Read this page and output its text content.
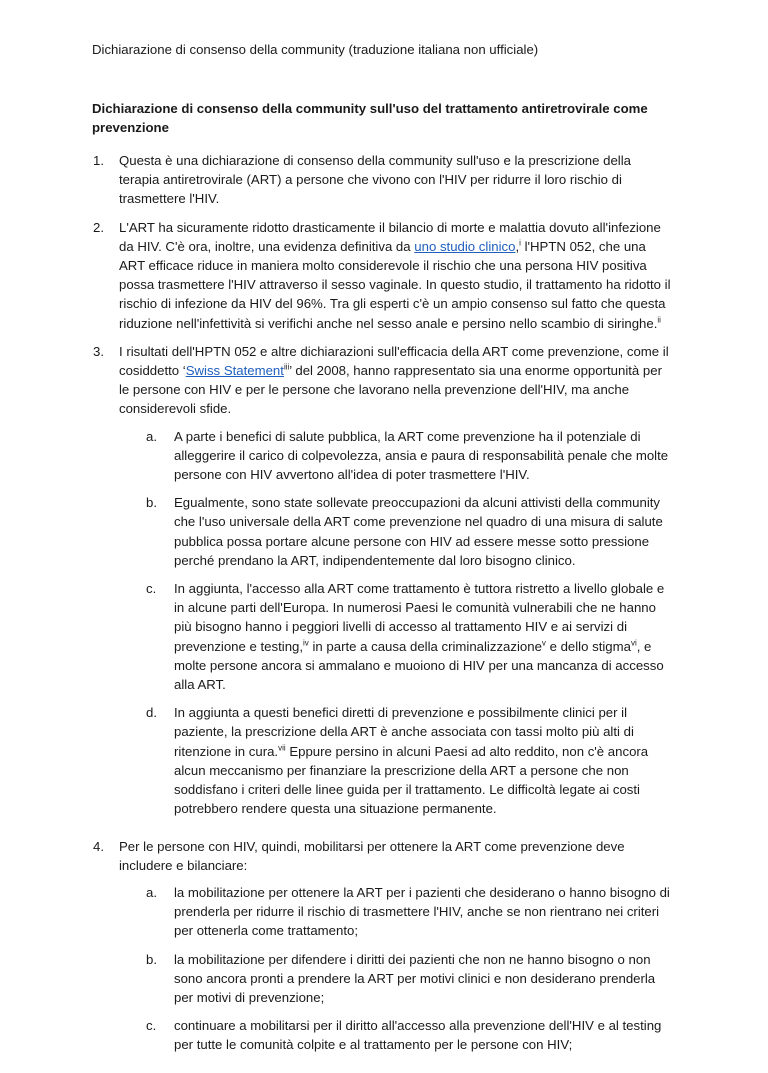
Dichiarazione di consenso della community (traduzione italiana non ufficiale)
Dichiarazione di consenso della community sull'uso del trattamento antiretrovirale come prevenzione
1.	Questa è una dichiarazione di consenso della community sull'uso e la prescrizione della terapia antiretrovirale (ART) a persone che vivono con l'HIV per ridurre il loro rischio di trasmettere l'HIV.
2.	L'ART ha sicuramente ridotto drasticamente il bilancio di morte e malattia dovuto all'infezione da HIV. C'è ora, inoltre, una evidenza definitiva da uno studio clinico,$^i$ l'HPTN 052, che una ART efficace riduce in maniera molto considerevole il rischio che una persona HIV positiva possa trasmettere l'HIV attraverso il sesso vaginale. In questo studio, il trattamento ha ridotto il rischio di infezione da HIV del 96%. Tra gli esperti c'è un ampio consenso sul fatto che questa riduzione nell'infettività si verifichi anche nel sesso anale e persino nello scambio di siringhe.$^{ii}$
3.	I risultati dell'HPTN 052 e altre dichiarazioni sull'efficacia della ART come prevenzione, come il cosiddetto ‘Swiss Statement$^{iii}$’ del 2008, hanno rappresentato sia una enorme opportunità per le persone con HIV e per le persone che lavorano nella prevenzione dell'HIV, ma anche considerevoli sfide.
a.	A parte i benefici di salute pubblica, la ART come prevenzione ha il potenziale di alleggerire il carico di colpevolezza, ansia e paura di responsabilità penale che molte persone con HIV avvertono all'idea di poter trasmettere l'HIV.
b.	Egualmente, sono state sollevate preoccupazioni da alcuni attivisti della community che l'uso universale della ART come prevenzione nel quadro di una misura di salute pubblica possa portare alcune persone con HIV ad essere messe sotto pressione perché prendano la ART, indipendentemente dal loro bisogno clinico.
c.	In aggiunta, l'accesso alla ART come trattamento è tuttora ristretto a livello globale e in alcune parti dell'Europa. In numerosi Paesi le comunità vulnerabili che ne hanno più bisogno hanno i peggiori livelli di accesso al trattamento HIV e ai servizi di prevenzione e testing,$^{iv}$ in parte a causa della criminalizzazione$^v$ e dello stigma$^{vi}$, e molte persone ancora si ammalano e muoiono di HIV per una mancanza di accesso alla ART.
d.	In aggiunta a questi benefici diretti di prevenzione e possibilmente clinici per il paziente, la prescrizione della ART è anche associata con tassi molto più alti di ritenzione in cura.$^{vii}$ Eppure persino in alcuni Paesi ad alto reddito, non c'è ancora alcun meccanismo per finanziare la prescrizione della ART a persone che non soddisfano i criteri delle linee guida per il trattamento. Le difficoltà legate ai costi potrebbero rendere questa una situazione permanente.
4.	Per le persone con HIV, quindi, mobilitarsi per ottenere la ART come prevenzione deve includere e bilanciare:
a.	la mobilitazione per ottenere la ART per i pazienti che desiderano o hanno bisogno di prenderla per ridurre il rischio di trasmettere l'HIV, anche se non rientrano nei criteri per ottenerla come trattamento;
b.	la mobilitazione per difendere i diritti dei pazienti che non ne hanno bisogno o non sono ancora pronti a prendere la ART per motivi clinici e non desiderano prenderla per motivi di prevenzione;
c.	continuare a mobilitarsi per il diritto all'accesso alla prevenzione dell'HIV e al testing per tutte le comunità colpite e al trattamento per le persone con HIV;
